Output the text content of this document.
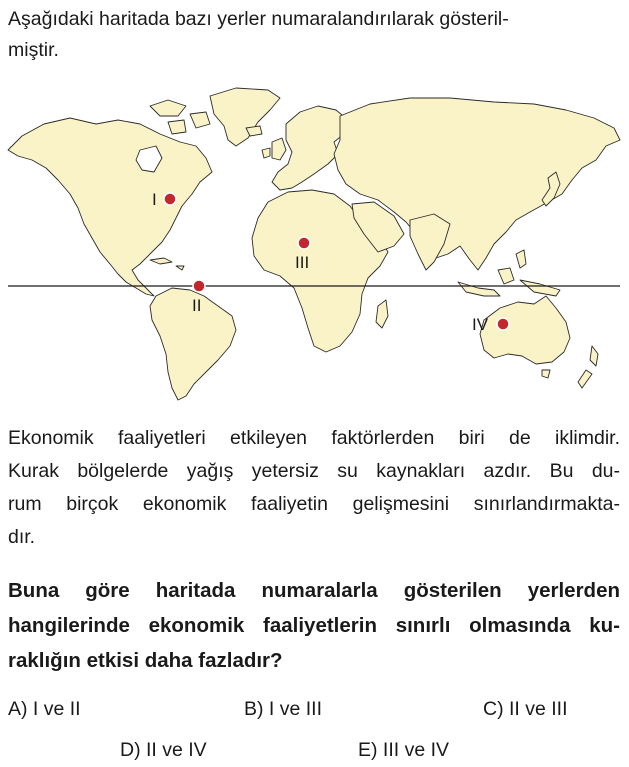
Aşağıdaki haritada bazı yerler numaralandırılarak gösteril-
miştir.
I
II
III
IV
Ekonomik faaliyetleri etkileyen faktörlerden biri de iklimdir.
Kurak bölgelerde yağış yetersiz su kaynakları azdır. Bu du-
rum birçok ekonomik faaliyetin gelişmesini sınırlandırmakta-
dır.
Buna göre haritada numaralarla gösterilen yerlerden
hangilerinde ekonomik faaliyetlerin sınırlı olmasında ku-
raklığın etkisi daha fazladır?
A) I ve II	B) I ve III	C) II ve III
D) II ve IV	E) III ve IV
